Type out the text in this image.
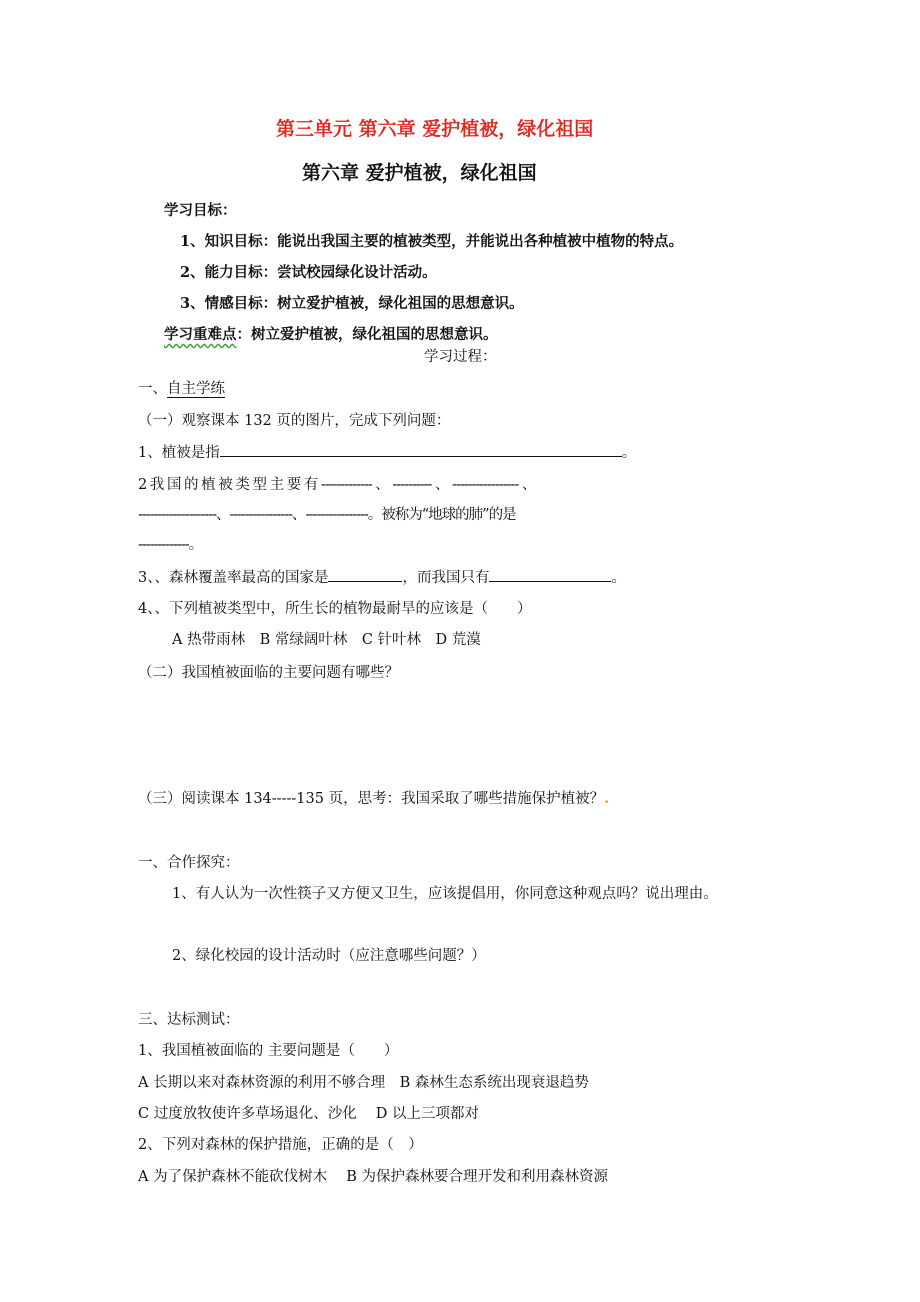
第三单元 第六章 爱护植被，绿化祖国
第六章 爱护植被，绿化祖国
学习目标：
1、知识目标：能说出我国主要的植被类型，并能说出各种植被中植物的特点。
2、能力目标：尝试校园绿化设计活动。
3、情感目标：树立爱护植被，绿化祖国的思想意识。
学习重难点：树立爱护植被，绿化祖国的思想意识。
学习过程：
一、自主学练
（一）观察课本 132 页的图片，完成下列问题：
1、植被是指	。
2 我 国 的 植 被 类 型 主 要 有 ------------- 、 ---------- 、 ----------------- 、
--------------------、----------------、----------------。被称为“地球的肺”的是
-------------。
3、、森林覆盖率最高的国家是	，而我国只有	。
4、、下列植被类型中，所生长的植物最耐旱的应该是（　　）
A 热带雨林　B 常绿阔叶林　C 针叶林　D 荒漠
（二）我国植被面临的主要问题有哪些？
（三）阅读课本 134-----135 页，思考：我国采取了哪些措施保护植被？.
一、合作探究：
1、有人认为一次性筷子又方便又卫生，应该提倡用，你同意这种观点吗？说出理由。
2、绿化校园的设计活动时（应注意哪些问题？）
三、达标测试：
1、我国植被面临的 主要问题是（　　）
A 长期以来对森林资源的利用不够合理　B 森林生态系统出现衰退趋势
C 过度放牧使许多草场退化、沙化　 D 以上三项都对
2、下列对森林的保护措施，正确的是（　）
A 为了保护森林不能砍伐树木　 B 为保护森林要合理开发和利用森林资源
